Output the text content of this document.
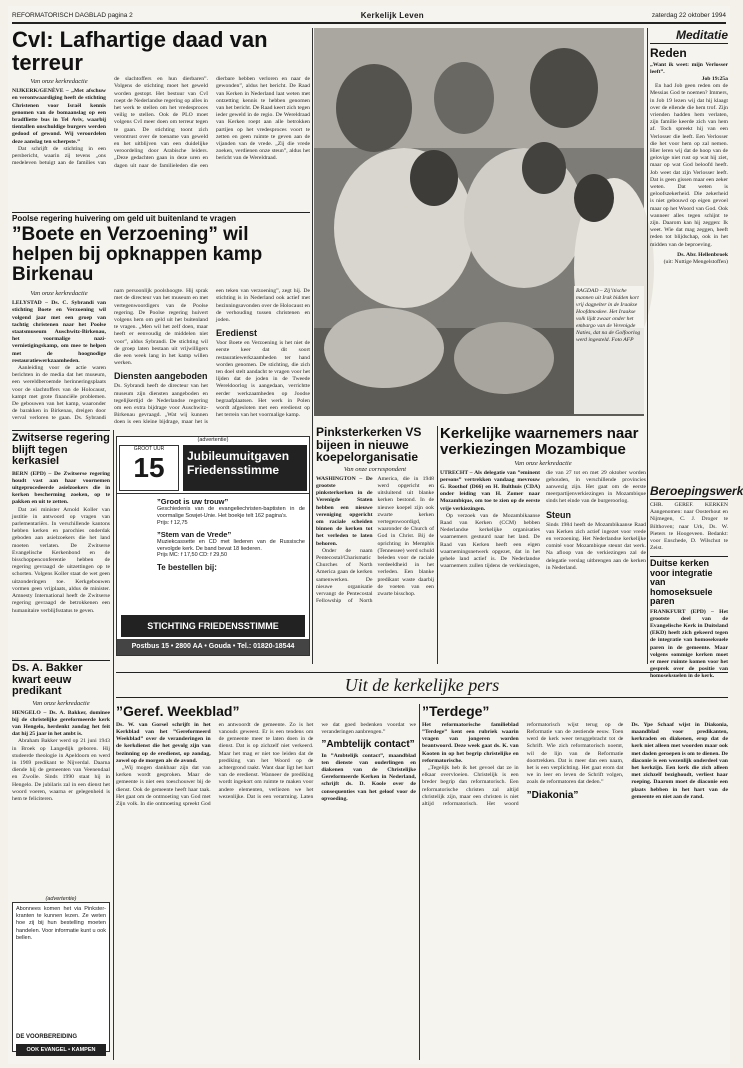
REFORMATORISCH DAGBLAD pagina 2	Kerkelijk Leven	zaterdag 22 oktober 1994
CvI: Lafhartige daad van terreur
Van onze kerkredactie
NIJKERK/GENÈVE – „Met afschuw en verontwaardiging heeft de stichting Christenen voor Israël kennis genomen van de bomaanslag op een bradfliette bus in Tel Aviv, waarbij tientallen onschuldige burgers werden gedood of gewond. Wij veroordelen deze aanslag ten scherpste.”
Dat schrijft de stichting in een persbericht, waarin zij tevens „ons medeleven betuigt aan de families van de slachtoffers en hun dierbaren”. Volgens de stichting moet het geweld worden gestopt. Het bestuur van CvI roept de Nederlandse regering op alles in het werk te stellen om het vredesproces veilig te stellen. Ook de PLO moet volgens CvI meer doen om terreur tegen te gaan. De stichting toont zich verontrust over de toename van geweld en het uitblijven van een duidelijke veroordeling door Arabische leiders. „Deze gedachten gaan in deze uren en dagen uit naar de familieleden die een dierbare hebben verloren en naar de gewonden”, aldus het bericht. De Raad van Kerken in Nederland laat weten met ontzetting kennis te hebben genomen van het bericht. De Raad keert zich tegen ieder geweld in de regio. De Wereldraad van Kerken roept aan alle betrokken partijen op het vredesproces voort te zetten en geen ruimte te geven aan de vijanden van de vrede. „Zij die vrede zoeken, verdienen onze steun”, aldus het bericht van de Wereldraad.
BAGDAD – Zij’itische mannen uit Irak bidden kort vrij dagpelter in de Iraakse Hoofdmoskee. Het Iraakse volk lijdt zwaar onder het embargo van de Verenigde Naties, dat na de Golfoorlog werd ingesteld. Foto AFP
Poolse regering huivering om geld uit buitenland te vragen
”Boete en Verzoening” wil helpen bij opknappen kamp Birkenau
Van onze kerkredactie
LELYSTAD – Ds. C. Sybrandi van stichting Boete en Verzoening wil volgend jaar met een groep van tachtig christenen naar het Poolse staatsmuseum Auschwitz-Birkenau, het voormalige nazi-vernietigingskamp, om mee te helpen met de hoognodige restauratiewerkzaamheden.
Aanleiding voor de actie waren berichten in de media dat het museum, een wereldberoemde herinneringsplaats voor de slachtoffers van de Holocaust, kampt met grote financiële problemen. De gebouwen van het kamp, waaronder de barakken in Birkenau, dreigen door verval verloren te gaan. Ds. Sybrandi nam persoonlijk poolshoogte. Hij sprak met de directeur van het museum en met vertegenwoordigers van de Poolse regering. De Poolse regering huivert volgens hem om geld uit het buitenland te vragen. „Men wil het zelf doen, maar heeft er eenvoudig de middelen niet voor”, aldus Sybrandi. De stichting wil de groep laten bestaan uit vrijwilligers die een week lang in het kamp willen werken.
Diensten aangeboden
Ds. Sybrandi heeft de directeur van het museum zijn diensten aangeboden en tegelijkertijd de Nederlandse regering om een extra bijdrage voor Auschwitz-Birkenau gevraagd. „Wat wij kunnen doen is een kleine bijdrage, maar het is een teken van verzoening”, zegt hij. De stichting is in Nederland ook actief met bezinningsavonden over de Holocaust en de verhouding tussen christenen en joden.
Eredienst
Voor Boete en Verzoening is het niet de eerste keer dat dit soort restauratiewerkzaamheden ter hand worden genomen. De stichting, die zich ten doel stelt aandacht te vragen voor het lijden dat de joden in de Tweede Wereldoorlog is aangedaan, verrichtte eerder werkzaamheden op Joodse begraafplaatsen. Het werk in Polen wordt afgesloten met een eredienst op het terrein van het voormalige kamp.
Zwitserse regering blijft tegen kerkasiel
BERN (EPD) – De Zwitserse regering houdt vast aan haar voornemen uitgeprocedeerde asielzoekers die in kerken bescherming zoeken, op te pakken en uit te zetten.
Dat zei minister Arnold Koller van justitie in antwoord op vragen van parlementariërs. In verschillende kantons hebben kerken en parochies onderdak geboden aan asielzoekers die het land moeten verlaten. De Zwitserse Evangelische Kerkenbond en de bisschoppenconferentie hebben de regering gevraagd de uitzettingen op te schorten. Volgens Koller staat de wet geen uitzonderingen toe. Kerkgebouwen vormen geen vrijplaats, aldus de minister. Amnesty International heeft de Zwitserse regering gevraagd de betrokkenen een humanitaire verblijfsstatus te geven.
(advertentie)
GROOT UUR
15	Jubileumuitgaven
Friedensstimme
”Groot is uw trouw”
Geschiedenis van de evangeliechristen-baptisten in de voormalige Sowjet-Unie. Het boekje telt 162 pagina’s.
Prijs: f 12,75
”Stem van de Vrede”
Muziekcassette en CD met liederen van de Russische vervolgde kerk. De band bevat 18 liederen.
Prijs MC: f 17,50 CD: f 29,50
Te bestellen bij:
STICHTING FRIEDENSSTIMME
Postbus 15 • 2800 AA • Gouda • Tel.: 01820-18544
Ds. A. Bakker kwart eeuw predikant
Van onze kerkredactie
HENGELO – Ds. A. Bakker, dominee bij de christelijke gereformeerde kerk van Hengelo, herdenkt zondag het feit dat hij 25 jaar in het ambt is.
Abraham Bakker werd op 21 juni 1943 in Broek op Langedijk geboren. Hij studeerde theologie in Apeldoorn en werd in 1969 predikant te Nijverdal. Daarna diende hij de gemeenten van Veenendaal en Zwolle. Sinds 1990 staat hij in Hengelo. De jubilaris zal in een dienst het woord voeren, waarna er gelegenheid is hem te feliciteren.
(advertentie)
Abonnees komen het via Pinkster-kranten te kunnen lezen. Ze weten hoe zij bij hun bestelling moeten handelen. Voor informatie kunt u ook bellen.
OOK EVANGEL • KAMPEN
DE VOORBEREIDING
Pinksterkerken VS bijeen in nieuwe koepelorganisatie
Van onze correspondent
WASHINGTON – De grootste pinksterkerken in de Verenigde Staten hebben een nieuwe vereniging opgericht om raciale scheiden binnen de kerken tot het verleden te laten behoren.
Onder de naam Pentecostal/Charismatic Churches of North America gaan de kerken samenwerken. De nieuwe organisatie vervangt de Pentecostal Fellowship of North America, die in 1948 werd opgericht en uitsluitend uit blanke kerken bestond. In de nieuwe koepel zijn ook zwarte kerken vertegenwoordigd, waaronder de Church of God in Christ. Bij de oprichting in Memphis (Tennessee) werd schuld beleden voor de raciale verdeeldheid in het verleden. Een blanke predikant waste daarbij de voeten van een zwarte bisschop.
Kerkelijke waarnemers naar verkiezingen Mozambique
Van onze kerkredactie
UTRECHT – Als delegatie van ”eminent persons” vertrekken vandaag mevrouw G. Roothof (D66) en H. Bulthuis (CDA) onder leiding van H. Zomer naar Mozambique, om toe te zien op de eerste vrije verkiezingen.
Op verzoek van de Mozambikaanse Raad van Kerken (CCM) hebben Nederlandse kerkelijke organisaties waarnemers gestuurd naar het land. De Raad van Kerken heeft een eigen waarnemingsnetwerk opgezet, dat in het gehele land actief is. De Nederlandse waarnemers zullen tijdens de verkiezingen, die van 27 tot en met 29 oktober worden gehouden, in verschillende provincies aanwezig zijn. Het gaat om de eerste meerpartijenverkiezingen in Mozambique sinds het einde van de burgeroorlog.
Steun
Sinds 1984 heeft de Mozambikaanse Raad van Kerken zich actief ingezet voor vrede en verzoening. Het Nederlandse kerkelijke comité voor Mozambique steunt dat werk. Na afloop van de verkiezingen zal de delegatie verslag uitbrengen aan de kerken in Nederland.
Meditatie
Reden
„Want ik weet: mijn Verlosser leeft”.
Job 19:25a
En had Job geen reden om de Messias God te noemen? Immers, in Job 19 lezen wij dat hij klaagt over de ellende die hem trof. Zijn vrienden hadden hem verlaten, zijn familie keerde zich van hem af. Toch spreekt hij van een Verlosser die leeft. Een Verlosser die het voor hem op zal nemen. Hier leren wij dat de hoop van de gelovige niet rust op wat hij ziet, maar op wat God beloofd heeft. Job weet dat zijn Verlosser leeft. Dat is geen gissen maar een zeker weten. Dat weten is geloofszekerheid. Die zekerheid is niet gebouwd op eigen gevoel maar op het Woord van God. Ook wanneer alles tegen schijnt te zijn. Daarom kan hij zeggen: Ik weet. Wie dat mag zeggen, heeft reden tot blijdschap, ook in het midden van de beproeving.
Ds. Abr. Hellenbroek
(uit: Nuttige Mengelstoffen)
Beroepingswerk
CHR. GEREF. KERKEN Aangenomen: naar Oosterhout en Nijmegen, C. J. Droger te Bilthoven; naar Urk, Ds. W. Pieters te Hoogeveen. Bedankt: voor Enschede, D. Wilschut te Zeist.
Duitse kerken voor integratie van homoseksuele paren
FRANKFURT (EPD) – Het grootste deel van de Evangelische Kerk in Duitsland (EKD) heeft zich gekeerd tegen de integratie van homoseksuele paren in de gemeente. Maar volgens sommige kerken moet er meer ruimte komen voor het gesprek over de positie van homoseksuelen in de kerk.
Uit de kerkelijke pers
”Geref. Weekblad”
Ds. W. van Gorsel schrijft in het Kerkblad van het ”Gereformeerd Weekblad” over de veranderingen in de kerkdienst die het gevolg zijn van bezinning op de eredienst, op zondag, zowel op de morgen als de avond.
„Wij mogen dankbaar zijn dat van kerken wordt gesproken. Maar de gemeente is niet een toeschouwer bij de dienst. Ook de gemeente heeft haar taak. Het gaat om de ontmoeting van God met Zijn volk. In die ontmoeting spreekt God en antwoordt de gemeente. Zo is het vanouds geweest. Er is een tendens om de gemeente meer te laten doen in de dienst. Dat is op zichzelf niet verkeerd. Maar het mag er niet toe leiden dat de prediking van het Woord op de achtergrond raakt. Want daar ligt het hart van de eredienst. Wanneer de prediking wordt ingekort om ruimte te maken voor andere elementen, verliezen we het wezenlijke. Dat is een verarming. Laten we dat goed bedenken voordat we veranderingen aanbrengen.”
”Ambtelijk contact”
In ”Ambtelijk contact”, maandblad ten dienste van ouderlingen en diakenen van de Christelijke Gereformeerde Kerken in Nederland, schrijft ds. D. Koole over de consequenties van het geloof voor de opvoeding.
”Terdege”
Het reformatorische familieblad ”Terdege” kent een rubriek waarin vragen van jongeren worden beantwoord. Deze week gaat ds. K. van Kooten in op het begrip christelijke en reformatorische.
„Tegelijk heb ik het gevoel dat ze in elkaar overvloeien. Christelijk is een breder begrip dan reformatorisch. Een reformatorische christen zal altijd christelijk zijn, maar een christen is niet altijd reformatorisch. Het woord reformatorisch wijst terug op de Reformatie van de zestiende eeuw. Toen werd de kerk weer teruggebracht tot de Schrift. Wie zich reformatorisch noemt, wil de lijn van de Reformatie doortrekken. Dat is meer dan een naam, het is een verplichting. Het gaat erom dat we in leer en leven de Schrift volgen, zoals de reformatoren dat deden.”
”Diakonia”
Ds. Ype Schaaf wijst in Diakonia, maandblad voor predikanten, kerkraden en diakenen, erop dat de kerk niet alleen met woorden maar ook met daden geroepen is om te dienen. De diaconie is een wezenlijk onderdeel van het kerkzijn. Een kerk die zich alleen met zichzelf bezighoudt, verliest haar roeping. Daarom moet de diaconie een plaats hebben in het hart van de gemeente en niet aan de rand.
